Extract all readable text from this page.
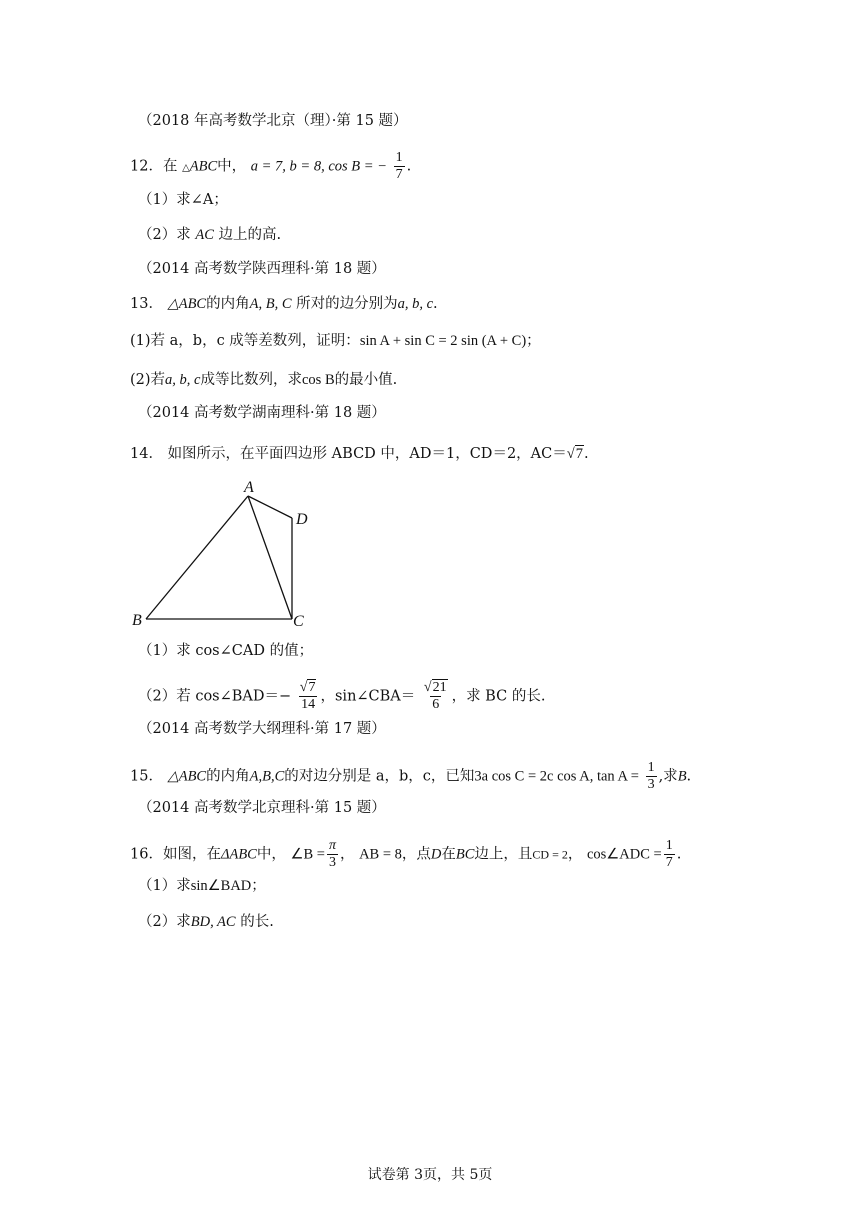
（2018 年高考数学北京（理）·第 15 题）
12．在 △ABC中， a = 7, b = 8, cos B = − $\frac{1}{7}$ .
（1）求∠A；
（2）求 AC 边上的高.
（2014 高考数学陕西理科·第 18 题）
13． △ABC的内角A, B, C 所对的边分别为a, b, c.
(1)若 a，b，c 成等差数列，证明：sin A + sin C = 2 sin (A + C)；
(2)若a, b, c成等比数列，求cos B的最小值.
（2014 高考数学湖南理科·第 18 题）
14． 如图所示，在平面四边形 ABCD 中，AD＝1，CD＝2，AC＝√7.
A
B	C
D
（1）求 cos∠CAD 的值；
（2）若 cos∠BAD＝− $\frac{√7}{14}$ ，sin∠CBA＝ $\frac{√21}{6}$ ，求 BC 的长.
（2014 高考数学大纲理科·第 17 题）
15． △ABC的内角A,B,C的对边分别是 a，b，c，已知3a cos C = 2c cos A, $\tan A = \frac{1}{3}$ ,求B.
（2014 高考数学北京理科·第 15 题）
16．如图，在ΔABC中， ∠B = $\frac{\pi}{3}$ ， AB = 8，点D在BC边上，且CD = 2， cos∠ADC = $\frac{1}{7}$ .
（1）求sin∠BAD；
（2）求BD, AC 的长.
试卷第 3页，共 5页
